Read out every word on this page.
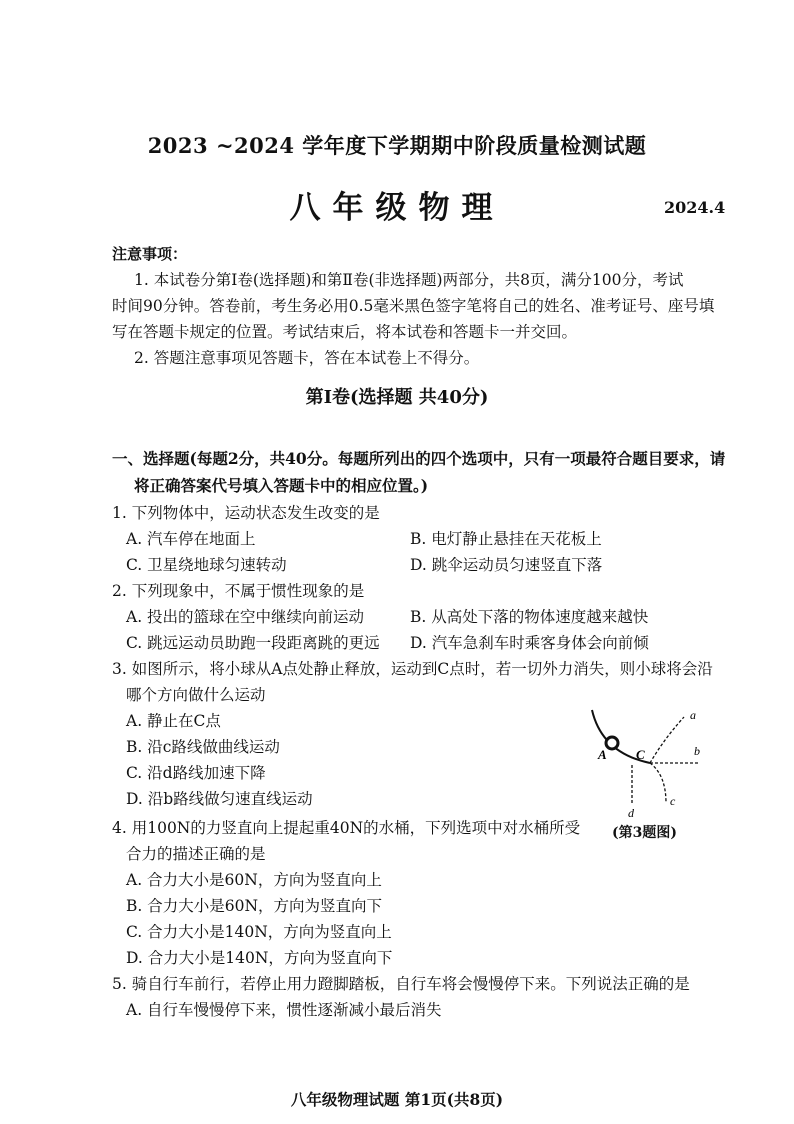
2023 ~2024 学年度下学期期中阶段质量检测试题
八年级物理	2024.4
注意事项：
1. 本试卷分第Ⅰ卷(选择题)和第Ⅱ卷(非选择题)两部分，共8页，满分100分，考试
时间90分钟。答卷前，考生务必用0.5毫米黑色签字笔将自己的姓名、准考证号、座号填
写在答题卡规定的位置。考试结束后，将本试卷和答题卡一并交回。
2. 答题注意事项见答题卡，答在本试卷上不得分。
第Ⅰ卷(选择题 共40分)
一、选择题(每题2分，共40分。每题所列出的四个选项中，只有一项最符合题目要求，请
将正确答案代号填入答题卡中的相应位置。)
1. 下列物体中，运动状态发生改变的是
A. 汽车停在地面上	B. 电灯静止悬挂在天花板上
C. 卫星绕地球匀速转动	D. 跳伞运动员匀速竖直下落
2. 下列现象中，不属于惯性现象的是
A. 投出的篮球在空中继续向前运动	B. 从高处下落的物体速度越来越快
C. 跳远运动员助跑一段距离跳的更远 D. 汽车急刹车时乘客身体会向前倾
3. 如图所示，将小球从A点处静止释放，运动到C点时，若一切外力消失，则小球将会沿
哪个方向做什么运动
A. 静止在C点
B. 沿c路线做曲线运动
C. 沿d路线加速下降
D. 沿b路线做匀速直线运动
A C
a
b
c
d
(第3题图)
4. 用100N的力竖直向上提起重40N的水桶，下列选项中对水桶所受
合力的描述正确的是
A. 合力大小是60N，方向为竖直向上
B. 合力大小是60N，方向为竖直向下
C. 合力大小是140N，方向为竖直向上
D. 合力大小是140N，方向为竖直向下
5. 骑自行车前行，若停止用力蹬脚踏板，自行车将会慢慢停下来。下列说法正确的是
A. 自行车慢慢停下来，惯性逐渐减小最后消失
八年级物理试题 第1页(共8页)
